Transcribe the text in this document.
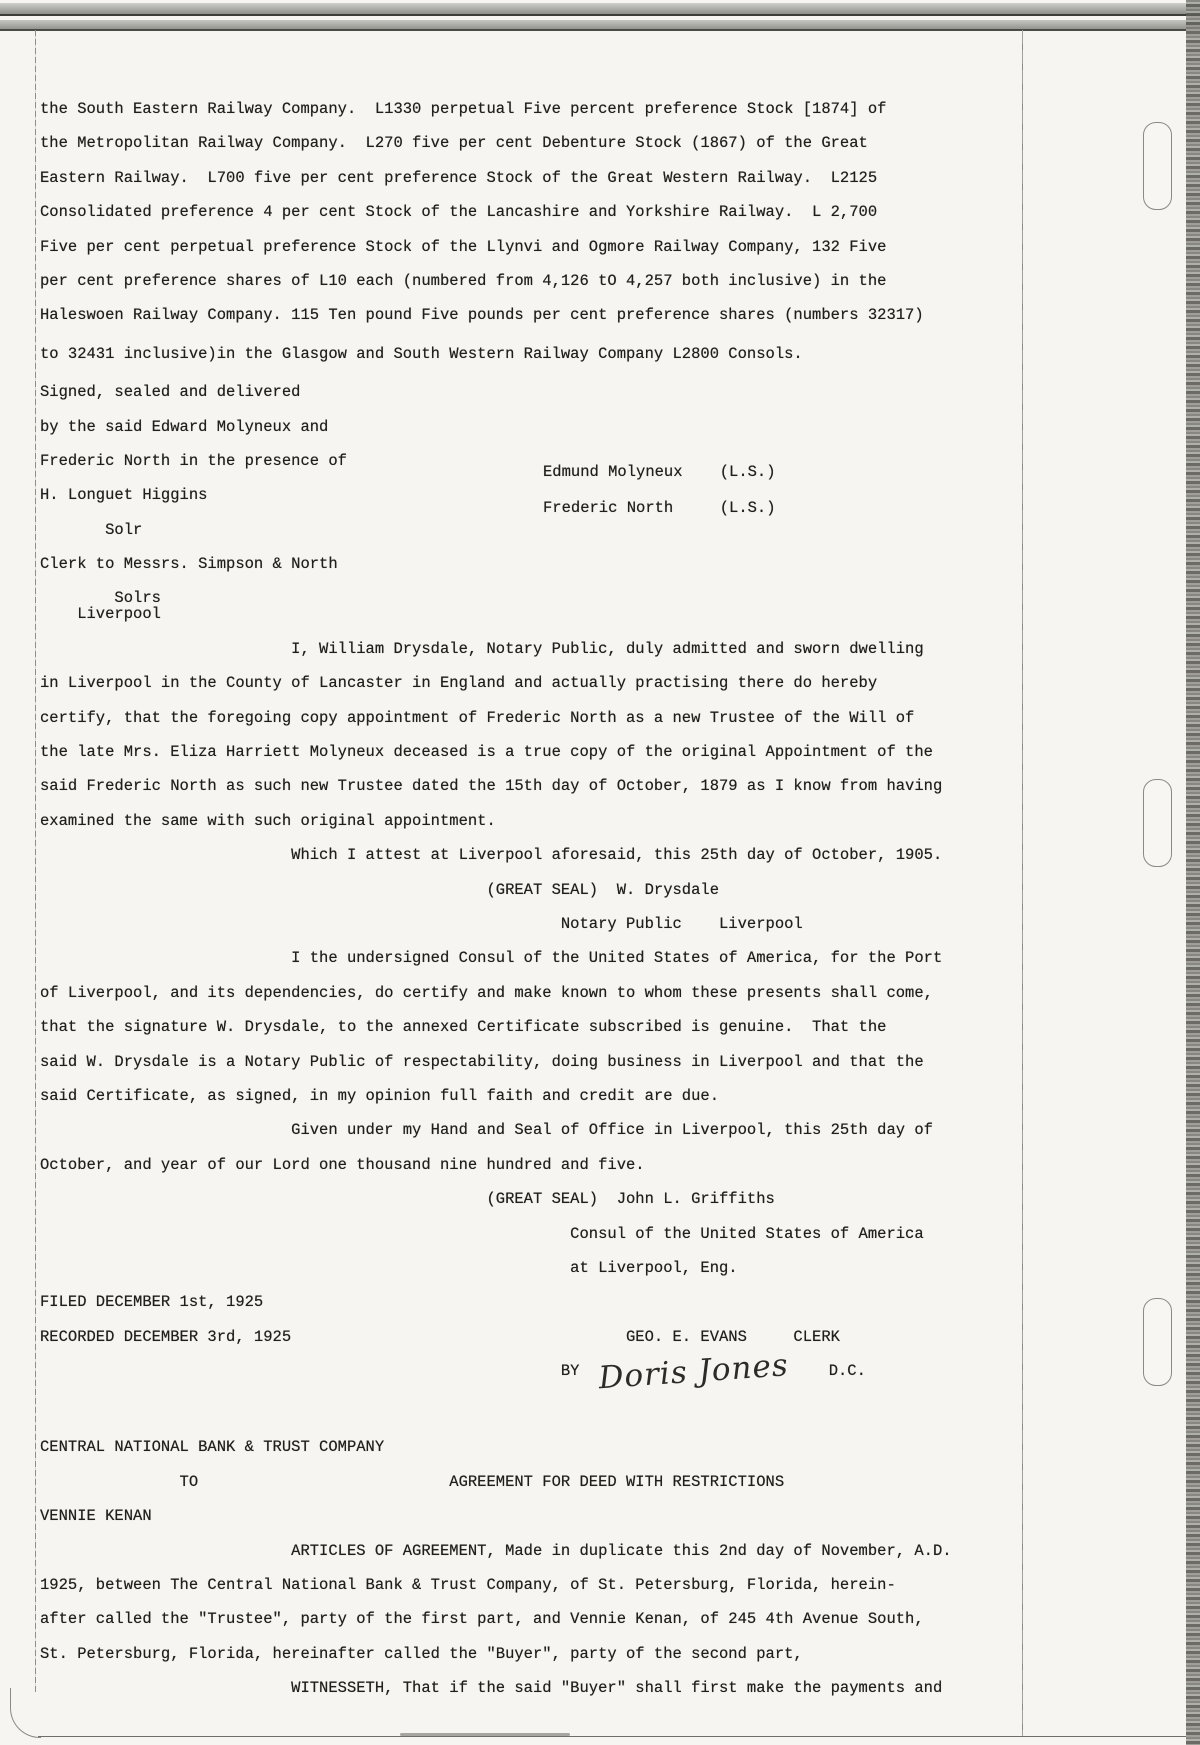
the South Eastern Railway Company.  L1330 perpetual Five percent preference Stock [1874] of
the Metropolitan Railway Company.  L270 five per cent Debenture Stock (1867) of the Great
Eastern Railway.  L700 five per cent preference Stock of the Great Western Railway.  L2125
Consolidated preference 4 per cent Stock of the Lancashire and Yorkshire Railway.  L 2,700
Five per cent perpetual preference Stock of the Llynvi and Ogmore Railway Company, 132 Five
per cent preference shares of L10 each (numbered from 4,126 tO 4,257 both inclusive) in the
Haleswoen Railway Company. 115 Ten pound Five pounds per cent preference shares (numbers 32317)
to 32431 inclusive)in the Glasgow and South Western Railway Company L2800 Consols.
Signed, sealed and delivered
by the said Edward Molyneux and
Frederic North in the presence of
H. Longuet Higgins
Solr
Clerk to Messrs. Simpson & North
Solrs
Liverpool
I, William Drysdale, Notary Public, duly admitted and sworn dwelling
in Liverpool in the County of Lancaster in England and actually practising there do hereby
certify, that the foregoing copy appointment of Frederic North as a new Trustee of the Will of
the late Mrs. Eliza Harriett Molyneux deceased is a true copy of the original Appointment of the
said Frederic North as such new Trustee dated the 15th day of October, 1879 as I know from having
examined the same with such original appointment.
Which I attest at Liverpool aforesaid, this 25th day of October, 1905.
(GREAT SEAL)  W. Drysdale
Notary Public    Liverpool
I the undersigned Consul of the United States of America, for the Port
of Liverpool, and its dependencies, do certify and make known to whom these presents shall come,
that the signature W. Drysdale, to the annexed Certificate subscribed is genuine.  That the
said W. Drysdale is a Notary Public of respectability, doing business in Liverpool and that the
said Certificate, as signed, in my opinion full faith and credit are due.
Given under my Hand and Seal of Office in Liverpool, this 25th day of
October, and year of our Lord one thousand nine hundred and five.
(GREAT SEAL)  John L. Griffiths
Consul of the United States of America
at Liverpool, Eng.
FILED DECEMBER 1st, 1925
RECORDED DECEMBER 3rd, 1925                                    GEO. E. EVANS     CLERK
BY  Doris Jones  D.C.
CENTRAL NATIONAL BANK & TRUST COMPANY
TO                           AGREEMENT FOR DEED WITH RESTRICTIONS
VENNIE KENAN
ARTICLES OF AGREEMENT, Made in duplicate this 2nd day of November, A.D.
1925, between The Central National Bank & Trust Company, of St. Petersburg, Florida, herein-
after called the "Trustee", party of the first part, and Vennie Kenan, of 245 4th Avenue South,
St. Petersburg, Florida, hereinafter called the "Buyer", party of the second part,
WITNESSETH, That if the said "Buyer" shall first make the payments and
Edmund Molyneux    (L.S.)
Frederic North     (L.S.)
